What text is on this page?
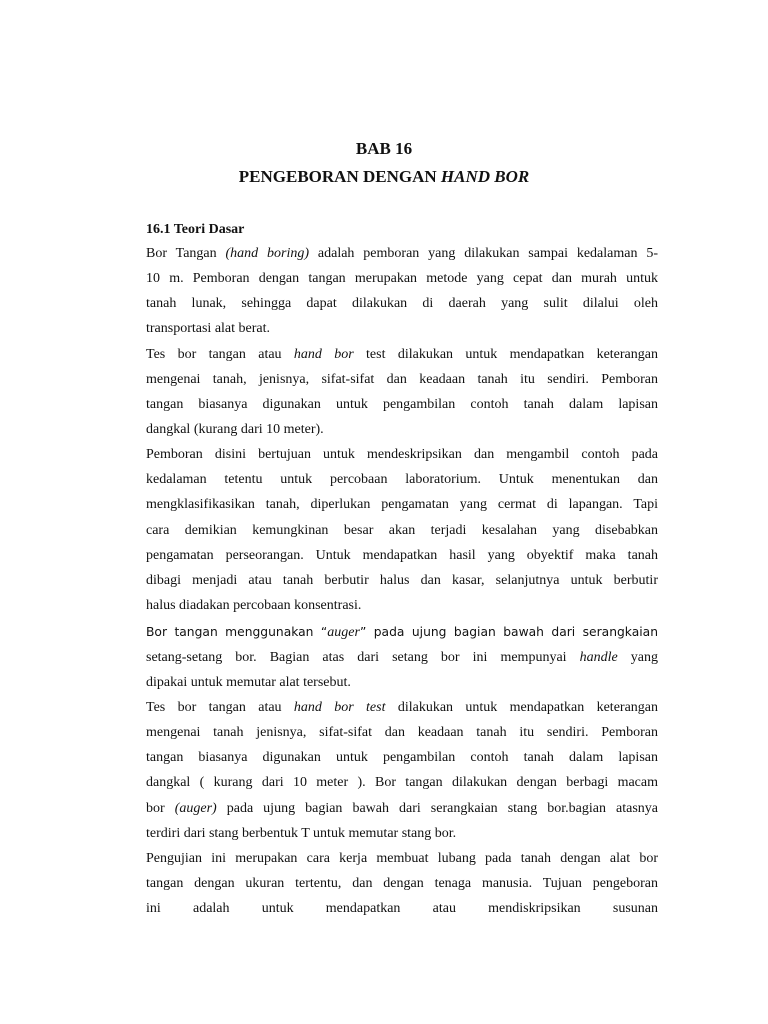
BAB 16
PENGEBORAN DENGAN HAND BOR
16.1 Teori Dasar
Bor Tangan (hand boring) adalah pemboran yang dilakukan sampai kedalaman 5-
10 m. Pemboran dengan tangan merupakan metode yang cepat dan murah untuk
tanah lunak, sehingga dapat dilakukan di daerah yang sulit dilalui oleh
transportasi alat berat.
Tes bor tangan atau hand bor test dilakukan untuk mendapatkan keterangan
mengenai tanah, jenisnya, sifat-sifat dan keadaan tanah itu sendiri. Pemboran
tangan biasanya digunakan untuk pengambilan contoh tanah dalam lapisan
dangkal (kurang dari 10 meter).
Pemboran disini bertujuan untuk mendeskripsikan dan mengambil contoh pada
kedalaman tetentu untuk percobaan laboratorium. Untuk menentukan dan
mengklasifikasikan tanah, diperlukan pengamatan yang cermat di lapangan. Tapi
cara demikian kemungkinan besar akan terjadi kesalahan yang disebabkan
pengamatan perseorangan. Untuk mendapatkan hasil yang obyektif maka tanah
dibagi menjadi atau tanah berbutir halus dan kasar, selanjutnya untuk berbutir
halus diadakan percobaan konsentrasi.
Bor tangan menggunakan “auger” pada ujung bagian bawah dari serangkaian
setang-setang bor. Bagian atas dari setang bor ini mempunyai handle yang
dipakai untuk memutar alat tersebut.
Tes bor tangan atau hand bor test dilakukan untuk mendapatkan keterangan
mengenai tanah jenisnya, sifat-sifat dan keadaan tanah itu sendiri. Pemboran
tangan biasanya digunakan untuk pengambilan contoh tanah dalam lapisan
dangkal ( kurang dari 10 meter ). Bor tangan dilakukan dengan berbagi macam
bor (auger) pada ujung bagian bawah dari serangkaian stang bor.bagian atasnya
terdiri dari stang berbentuk T untuk memutar stang bor.
Pengujian ini merupakan cara kerja membuat lubang pada tanah dengan alat bor
tangan dengan ukuran tertentu, dan dengan tenaga manusia. Tujuan pengeboran
ini adalah untuk mendapatkan atau mendiskripsikan susunan
